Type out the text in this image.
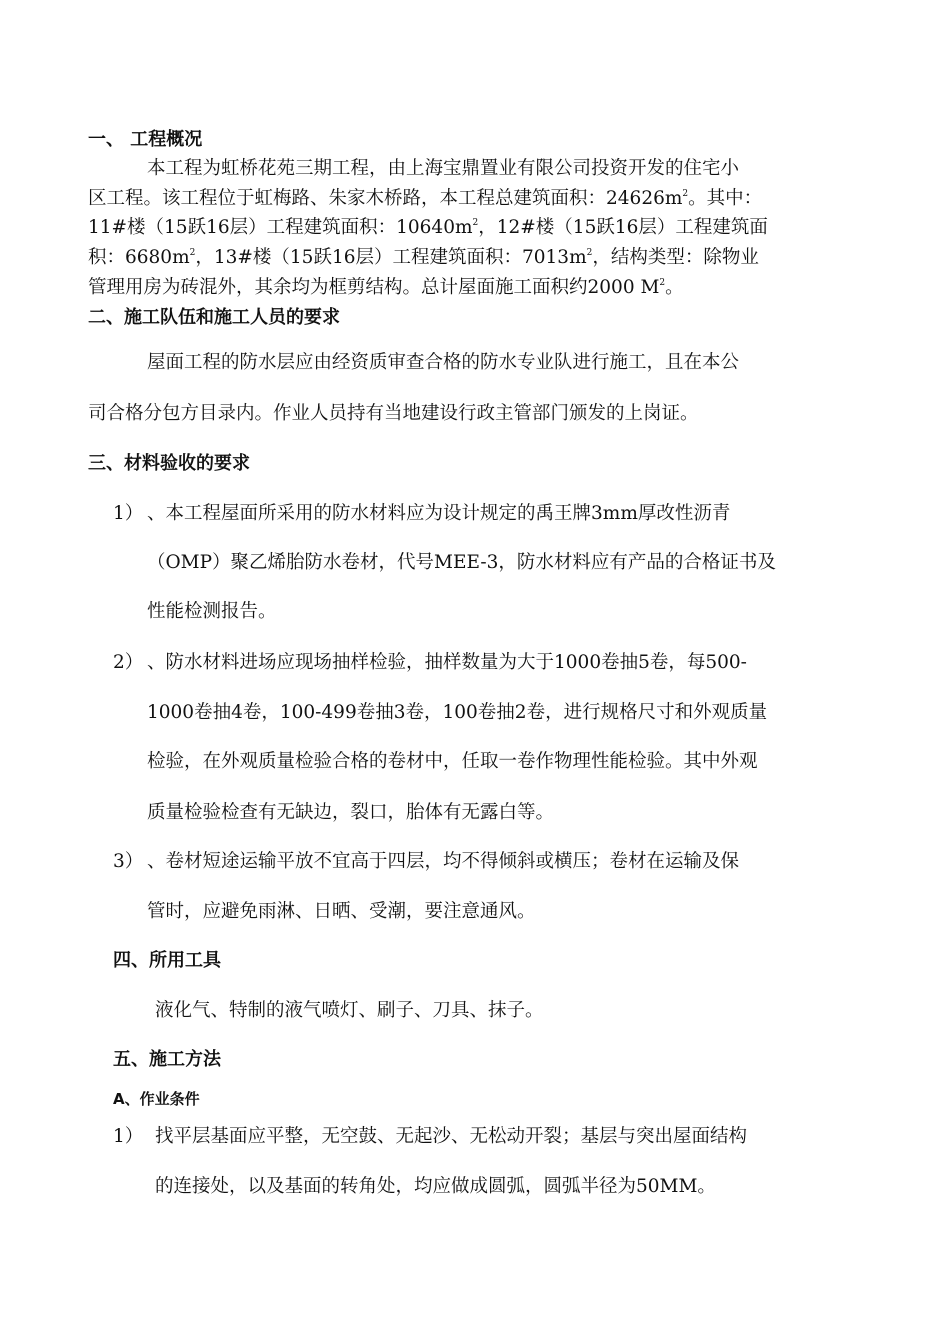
一、 工程概况
本工程为虹桥花苑三期工程，由上海宝鼎置业有限公司投资开发的住宅小
区工程。该工程位于虹梅路、朱家木桥路，本工程总建筑面积：$24626m^2$。其中：
11#楼（15跃16层）工程建筑面积：$10640m^2$，12#楼（15跃16层）工程建筑面
积：$6680m^2$，13#楼（15跃16层）工程建筑面积：$7013m^2$，结构类型：除物业
管理用房为砖混外，其余均为框剪结构。总计屋面施工面积约2000 $M^2$。
二、施工队伍和施工人员的要求
屋面工程的防水层应由经资质审查合格的防水专业队进行施工，且在本公
司合格分包方目录内。作业人员持有当地建设行政主管部门颁发的上岗证。
三、材料验收的要求
1） 、本工程屋面所采用的防水材料应为设计规定的禹王牌3mm厚改性沥青
（OMP）聚乙烯胎防水卷材，代号MEE-3，防水材料应有产品的合格证书及
性能检测报告。
2） 、防水材料进场应现场抽样检验，抽样数量为大于1000卷抽5卷，每500-
1000卷抽4卷，100-499卷抽3卷，100卷抽2卷，进行规格尺寸和外观质量
检验，在外观质量检验合格的卷材中，任取一卷作物理性能检验。其中外观
质量检验检查有无缺边，裂口，胎体有无露白等。
3） 、卷材短途运输平放不宜高于四层，均不得倾斜或横压；卷材在运输及保
管时，应避免雨淋、日晒、受潮，要注意通风。
四、所用工具
液化气、特制的液气喷灯、刷子、刀具、抹子。
五、施工方法
A、作业条件
1） 找平层基面应平整，无空鼓、无起沙、无松动开裂；基层与突出屋面结构
的连接处，以及基面的转角处，均应做成圆弧，圆弧半径为50MM。
